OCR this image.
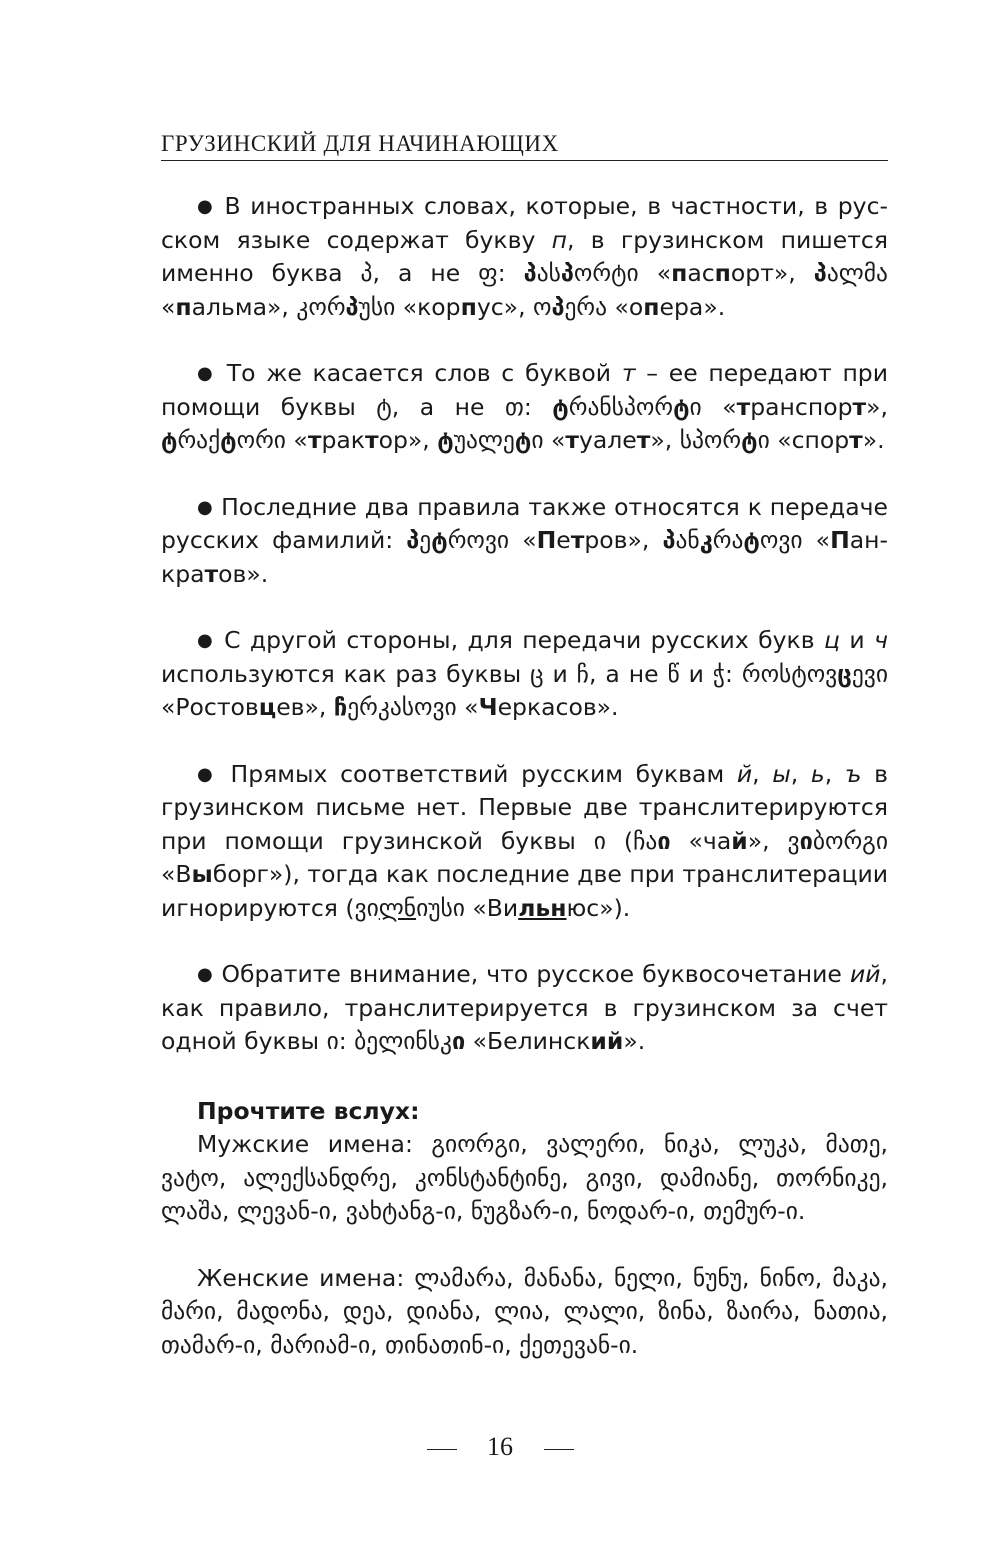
ГРУЗИНСКИЙ ДЛЯ НАЧИНАЮЩИХ

● В иностранных словах, которые, в частности, в русском языке содержат букву п, в грузинском пишется именно буква პ, а не ფ: პასპორტი «паспорт», პალმა «пальма», კორპუსი «корпус», ოპერა «опера».

● То же касается слов с буквой т – ее передают при помощи буквы ტ, а не თ: ტრანსპორტი «транспорт», ტრაქტორი «трактор», ტუალეტი «туалет», სპორტი «спорт».

● Последние два правила также относятся к передаче русских фамилий: პეტროვი «Петров», პანკრატოვი «Панкратов».

● С другой стороны, для передачи русских букв ц и ч используются как раз буквы ც и ჩ, а не წ и ჭ: როსტოვცევი «Ростовцев», ჩერკასოვი «Черкасов».

● Прямых соответствий русским буквам й, ы, ь, ъ в грузинском письме нет. Первые две транслитерируются при помощи грузинской буквы ი (ჩაი «чай», ვიბორგი «Выборг»), тогда как последние две при транслитерации игнорируются (ვილნიუსი «Вильнюс»).

● Обратите внимание, что русское буквосочетание ий, как правило, транслитерируется в грузинском за счет одной буквы ი: ბელინსკი «Белинский».

Прочтите вслух:

Мужские имена: გიორგი, ვალერი, ნიკა, ლუკა, მათე, ვატო, ალექსანდრე, კონსტანტინე, გივი, დამიანე, თორნიკე, ლაშა, ლევან-ი, ვახტანგ-ი, ნუგზარ-ი, ნოდარ-ი, თემურ-ი.

Женские имена: ლამარა, მანანა, ნელი, ნუნუ, ნინო, მაკა, მარი, მადონა, დეა, დიანა, ლია, ლალი, ზინა, ზაირა, ნათია, თამარ-ი, მარიამ-ი, თინათინ-ი, ქეთევან-ი.

16
